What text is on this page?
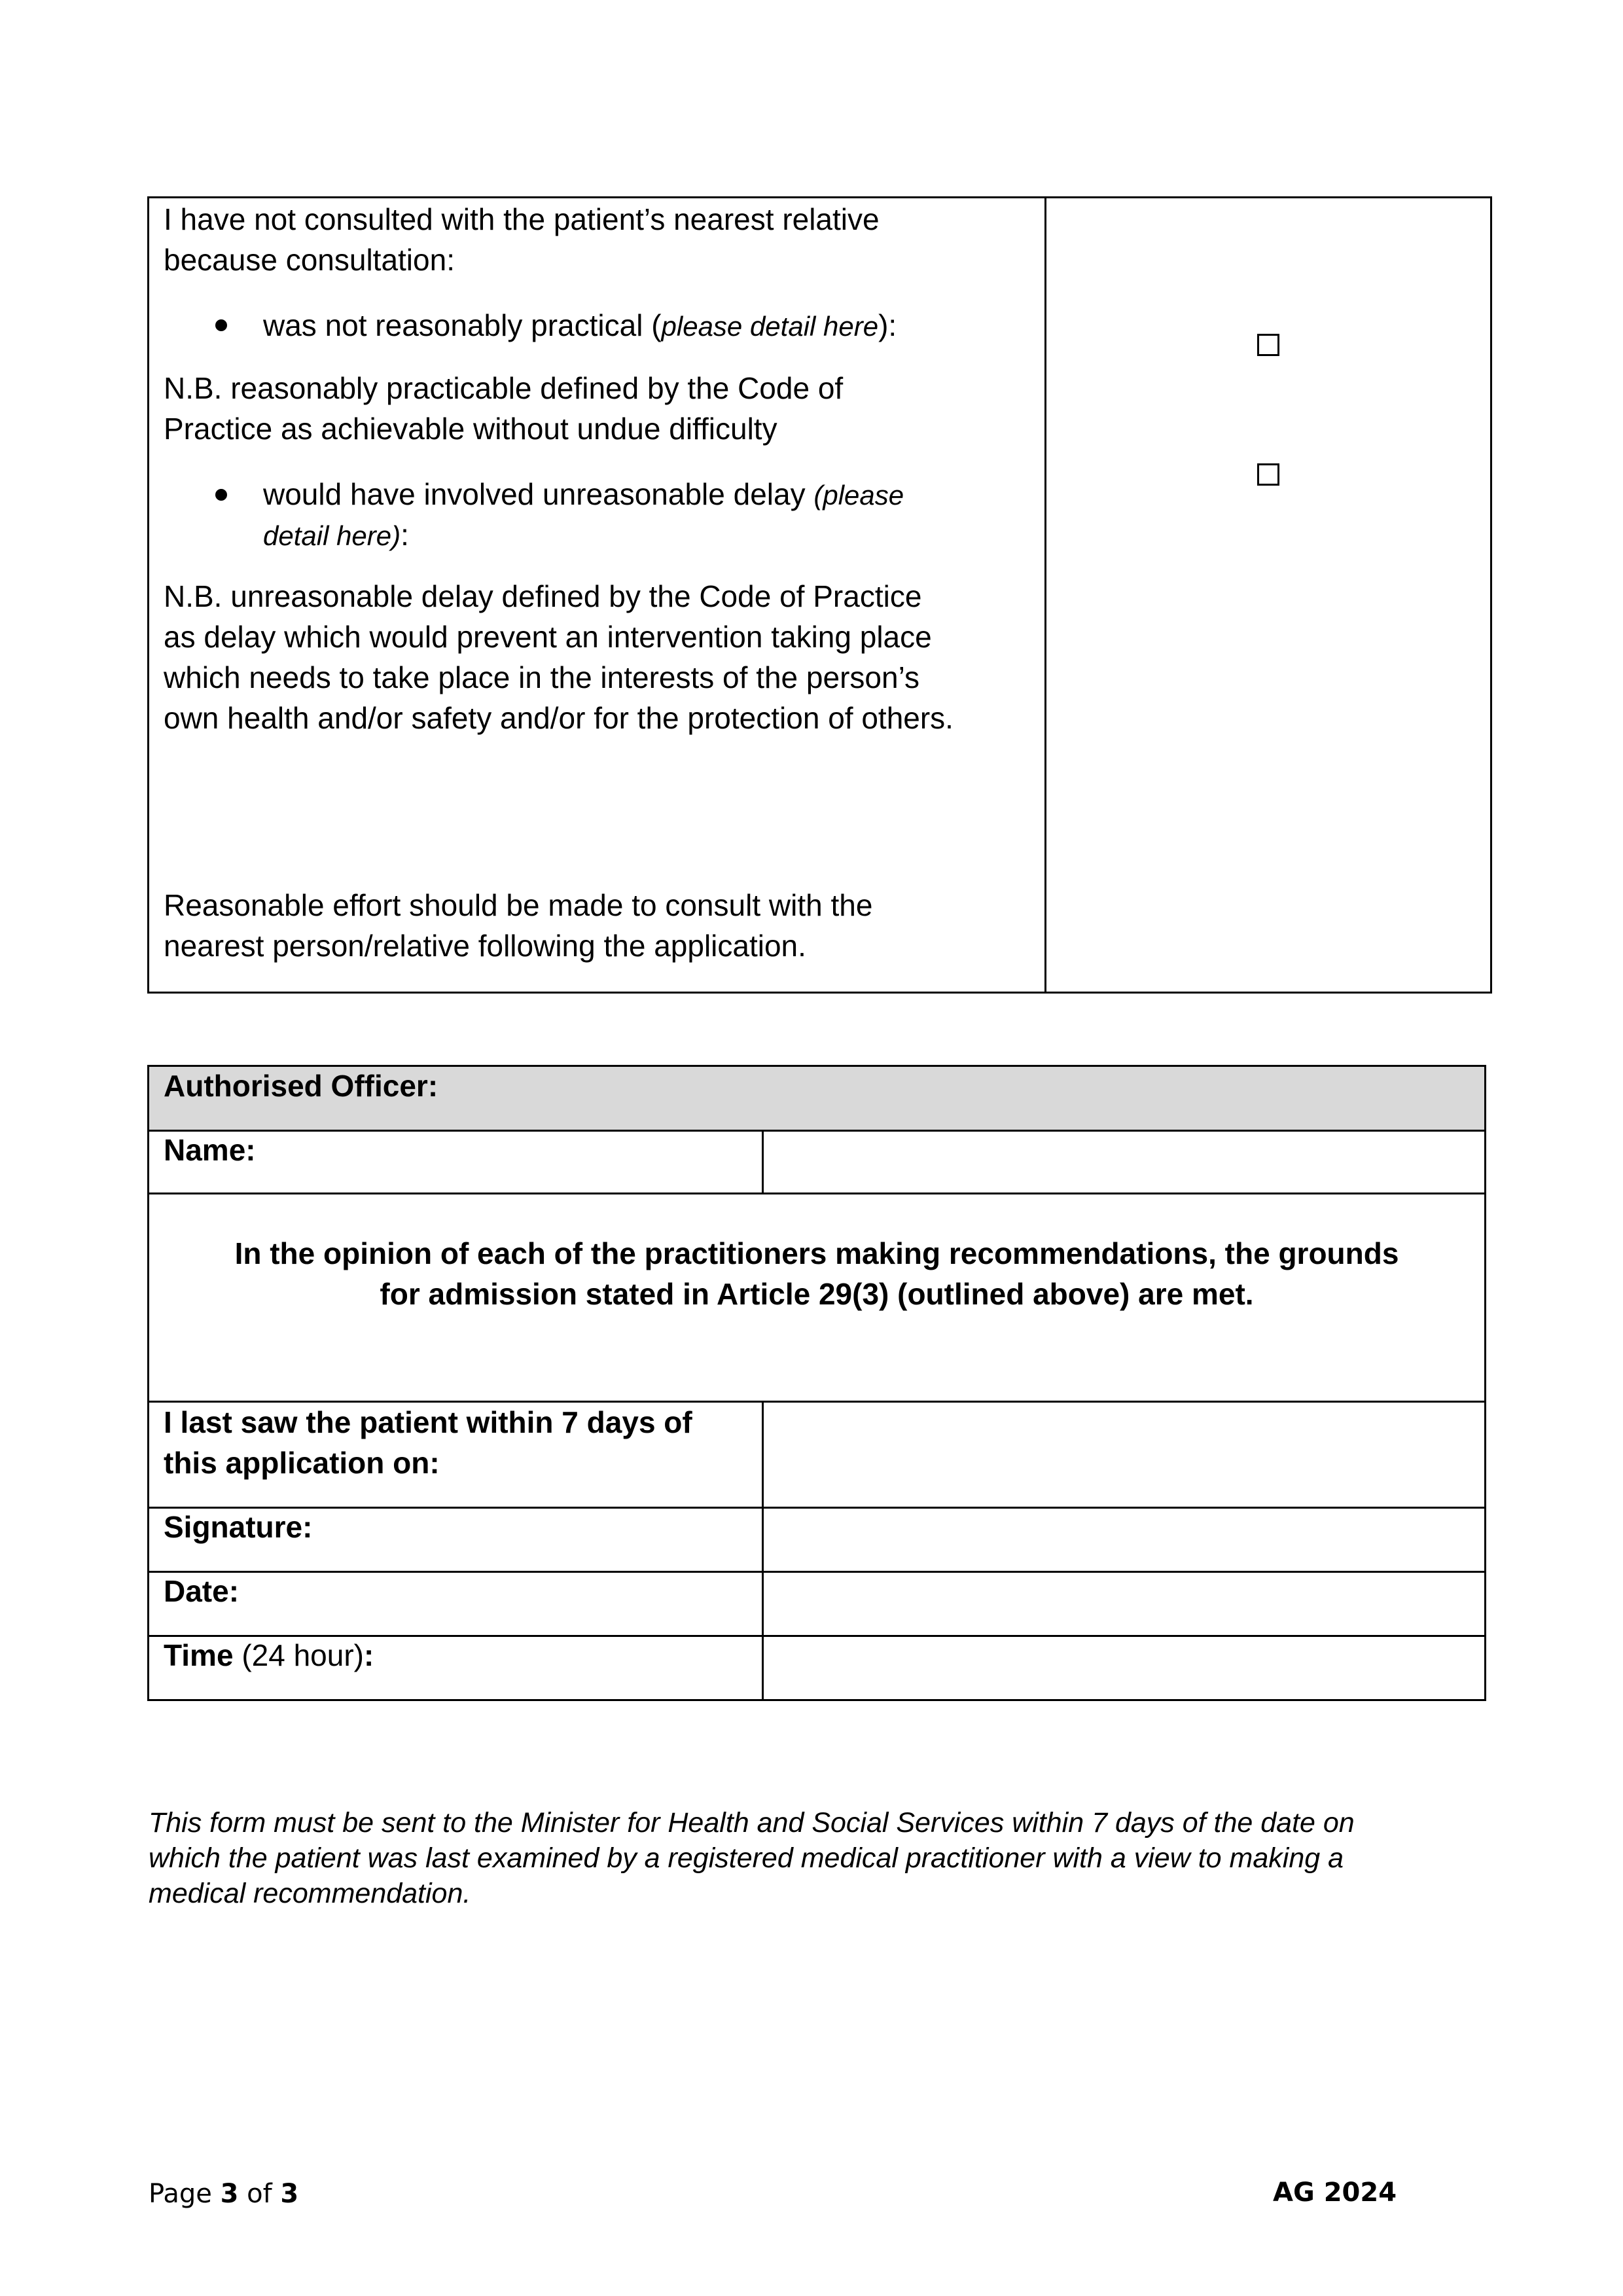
I have not consulted with the patient’s nearest relative
because consultation:
was not reasonably practical (please detail here):
N.B. reasonably practicable defined by the Code of
Practice as achievable without undue difficulty
would have involved unreasonable delay (please
detail here):
N.B. unreasonable delay defined by the Code of Practice
as delay which would prevent an intervention taking place
which needs to take place in the interests of the person’s
own health and/or safety and/or for the protection of others.
Reasonable effort should be made to consult with the
nearest person/relative following the application.
Authorised Officer:
Name:
In the opinion of each of the practitioners making recommendations, the grounds
for admission stated in Article 29(3) (outlined above) are met.
I last saw the patient within 7 days of
this application on:
Signature:
Date:
Time (24 hour):
This form must be sent to the Minister for Health and Social Services within 7 days of the date on
which the patient was last examined by a registered medical practitioner with a view to making a
medical recommendation.
Page 3 of 3	AG 2024
